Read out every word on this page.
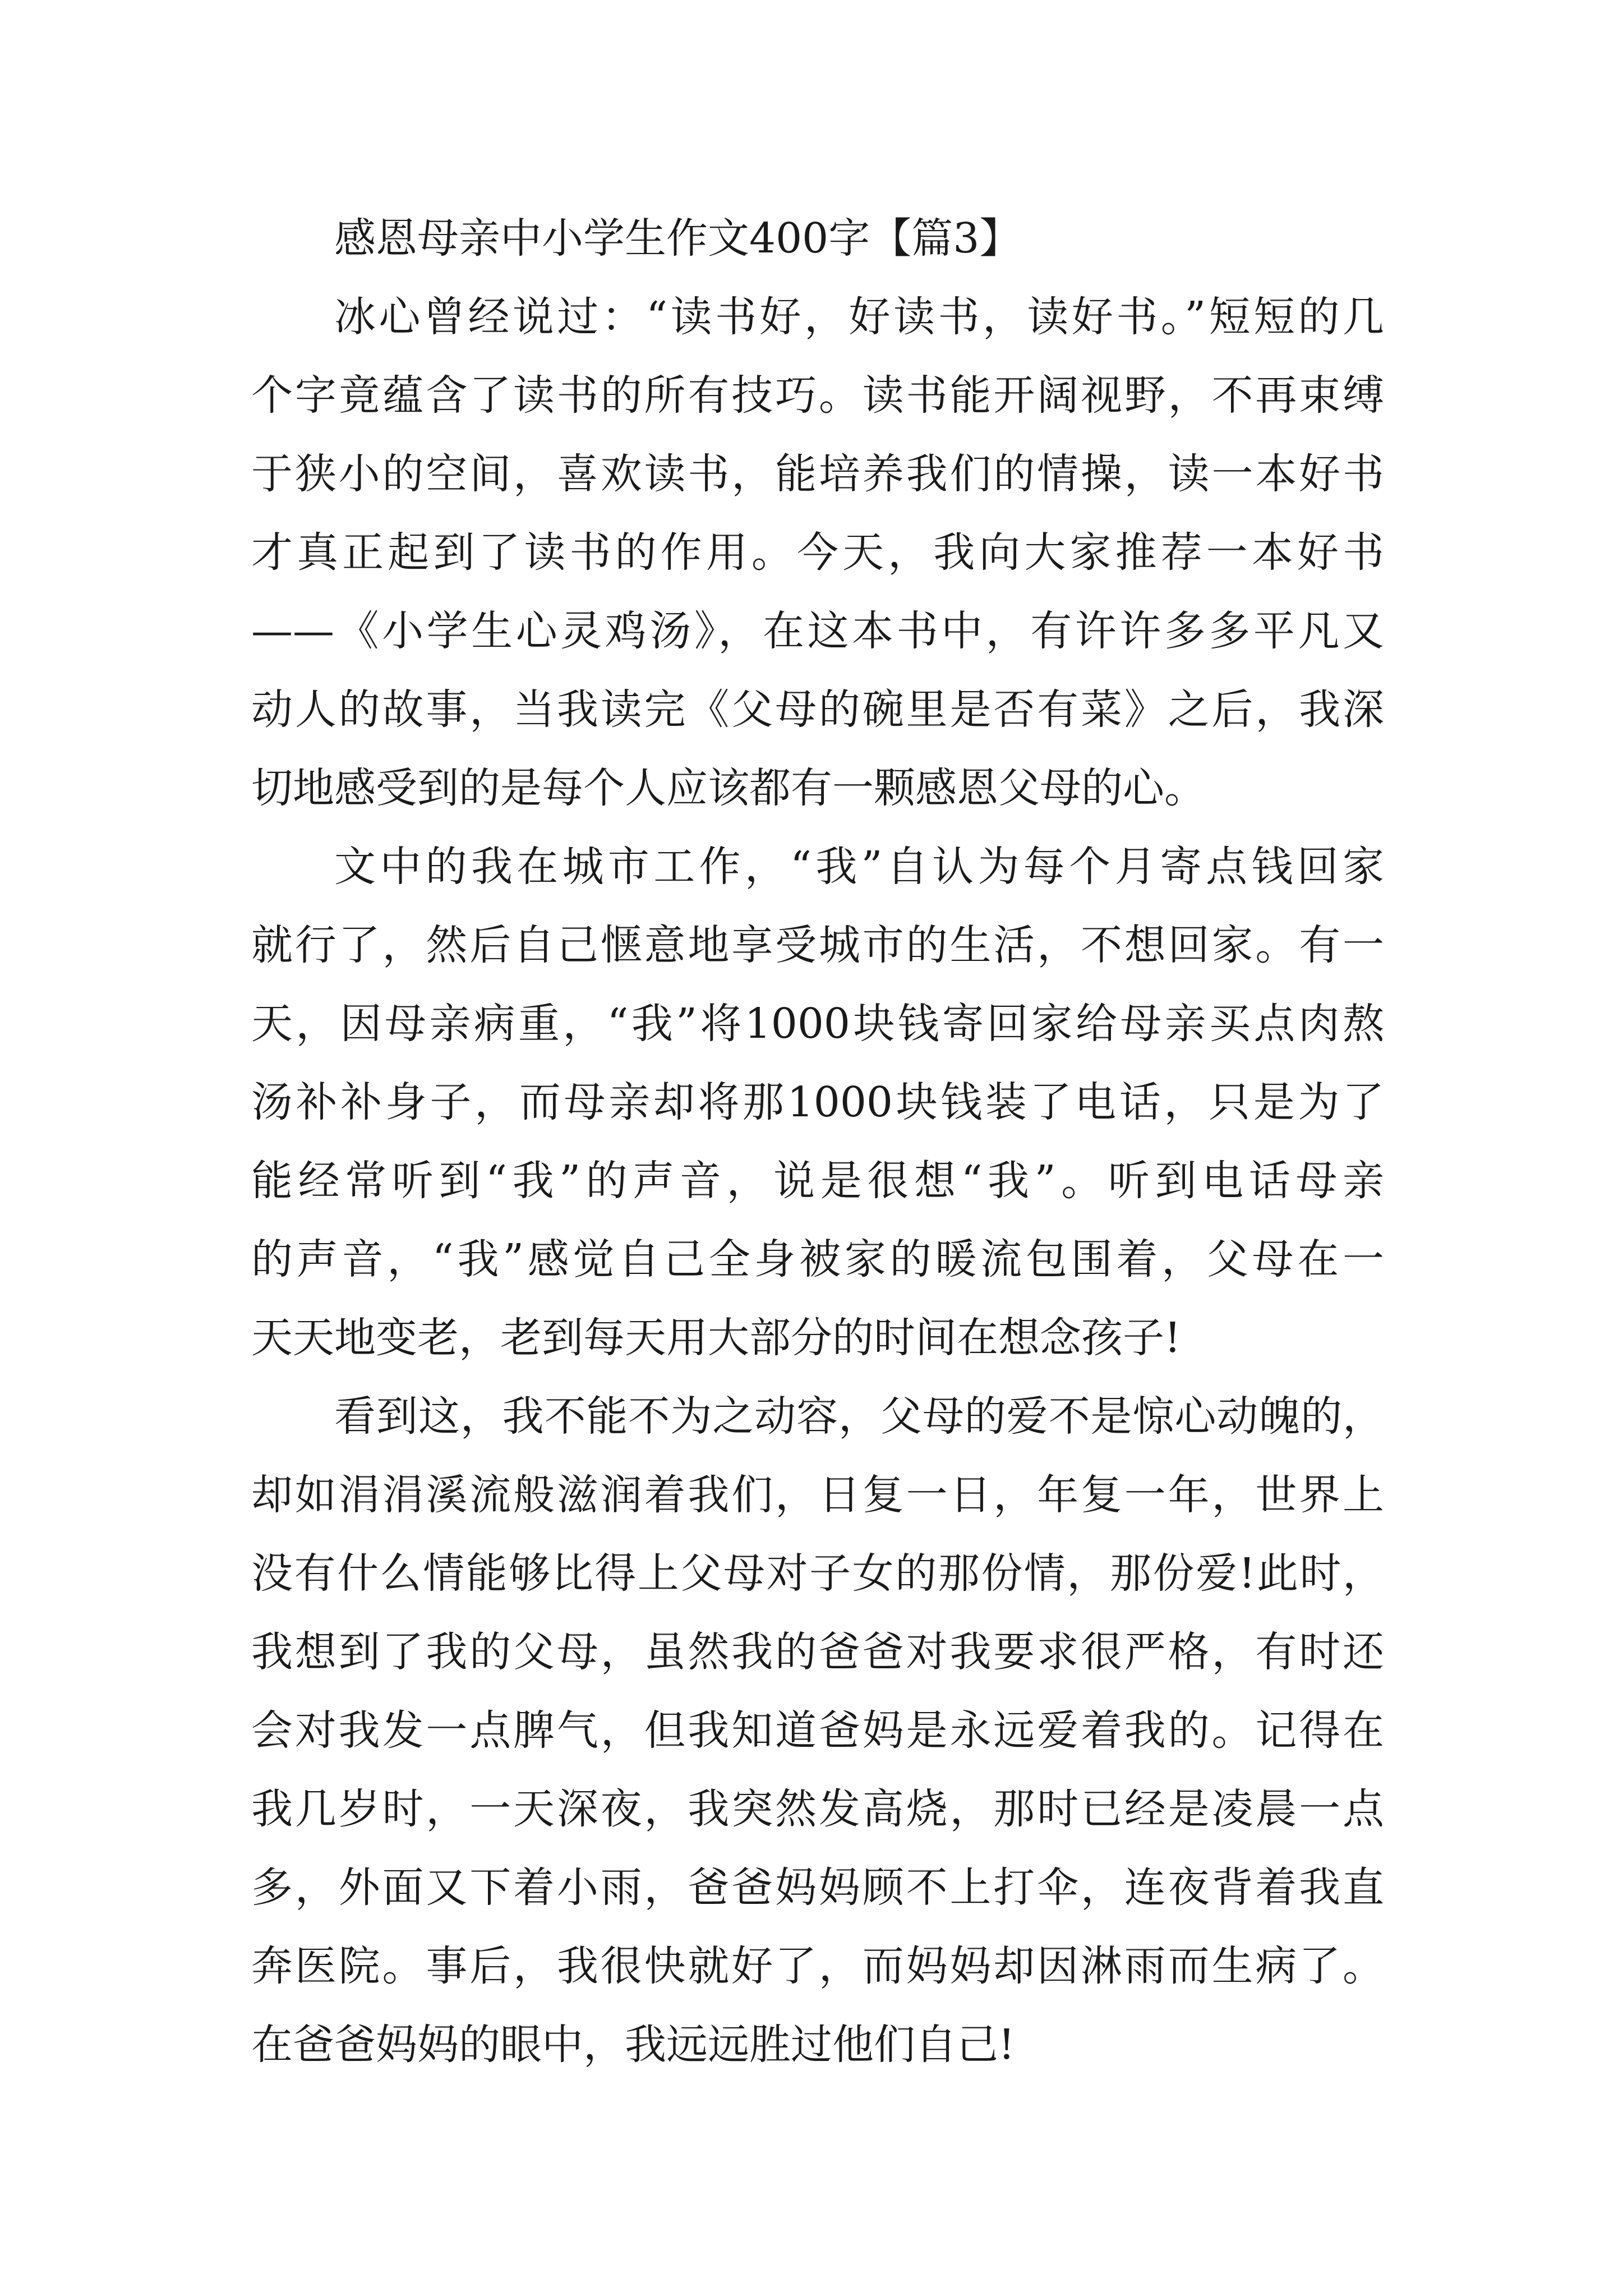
感恩母亲中小学生作文400字【篇3】
冰心曾经说过：“读书好，好读书，读好书。”短短的几
个字竟蕴含了读书的所有技巧。读书能开阔视野，不再束缚
于狭小的空间，喜欢读书，能培养我们的情操，读一本好书
才真正起到了读书的作用。今天，我向大家推荐一本好书
——《小学生心灵鸡汤》，在这本书中，有许许多多平凡又
动人的故事，当我读完《父母的碗里是否有菜》之后，我深
切地感受到的是每个人应该都有一颗感恩父母的心。
文中的我在城市工作，“我”自认为每个月寄点钱回家
就行了，然后自己惬意地享受城市的生活，不想回家。有一
天，因母亲病重，“我”将1000块钱寄回家给母亲买点肉熬
汤补补身子，而母亲却将那1000块钱装了电话，只是为了
能经常听到“我”的声音，说是很想“我”。听到电话母亲
的声音，“我”感觉自己全身被家的暖流包围着，父母在一
天天地变老，老到每天用大部分的时间在想念孩子!
看到这，我不能不为之动容，父母的爱不是惊心动魄的，
却如涓涓溪流般滋润着我们，日复一日，年复一年，世界上
没有什么情能够比得上父母对子女的那份情，那份爱!此时，
我想到了我的父母，虽然我的爸爸对我要求很严格，有时还
会对我发一点脾气，但我知道爸妈是永远爱着我的。记得在
我几岁时，一天深夜，我突然发高烧，那时已经是凌晨一点
多，外面又下着小雨，爸爸妈妈顾不上打伞，连夜背着我直
奔医院。事后，我很快就好了，而妈妈却因淋雨而生病了。
在爸爸妈妈的眼中，我远远胜过他们自己!
